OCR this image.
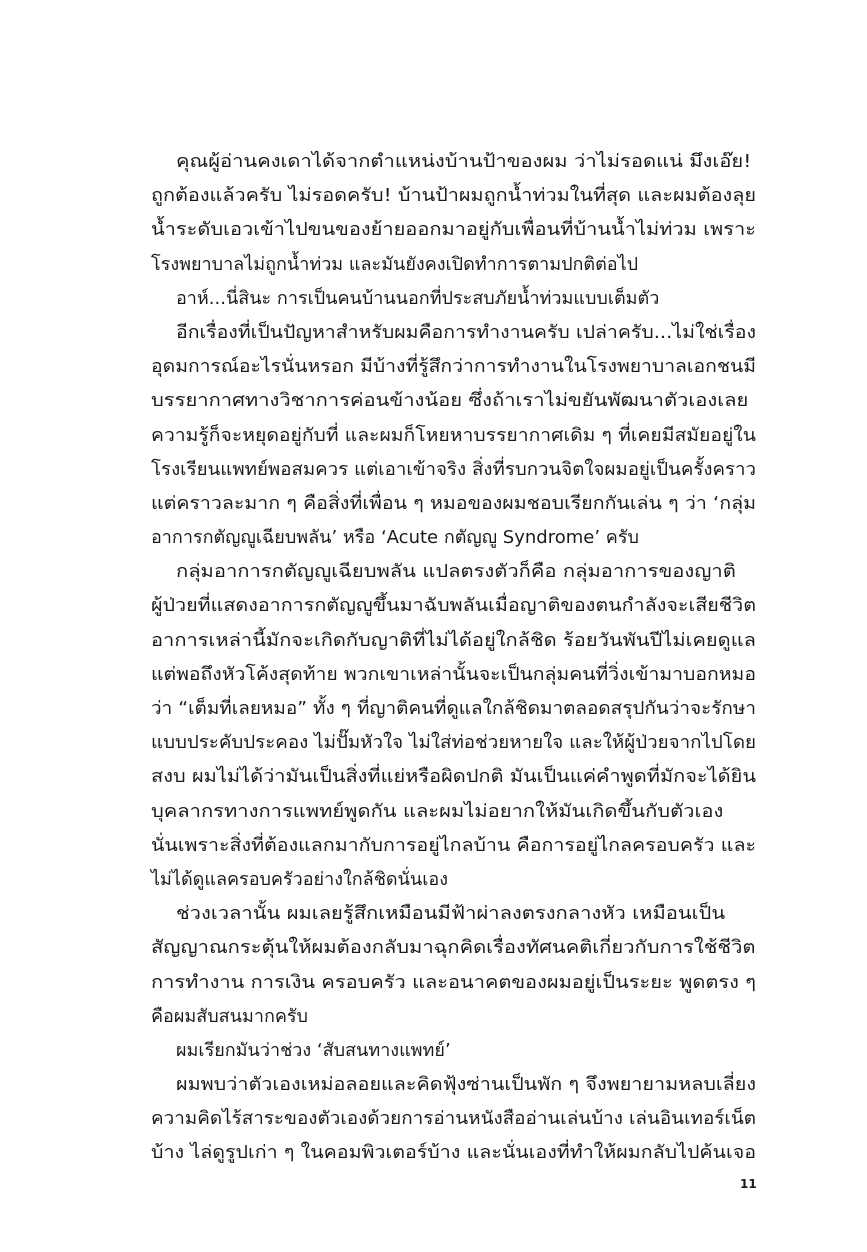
คุณผู้อ่านคงเดาได้จากตำแหน่งบ้านป้าของผม ว่าไม่รอดแน่ มึงเอ๊ย!
ถูกต้องแล้วครับ ไม่รอดครับ! บ้านป้าผมถูกน้ำท่วมในที่สุด และผมต้องลุย
น้ำระดับเอวเข้าไปขนของย้ายออกมาอยู่กับเพื่อนที่บ้านน้ำไม่ท่วม เพราะ
โรงพยาบาลไม่ถูกน้ำท่วม และมันยังคงเปิดทำการตามปกติต่อไป
อาห์...นี่สินะ การเป็นคนบ้านนอกที่ประสบภัยน้ำท่วมแบบเต็มตัว
อีกเรื่องที่เป็นปัญหาสำหรับผมคือการทำงานครับ เปล่าครับ...ไม่ใช่เรื่อง
อุดมการณ์อะไรนั่นหรอก มีบ้างที่รู้สึกว่าการทำงานในโรงพยาบาลเอกชนมี
บรรยากาศทางวิชาการค่อนข้างน้อย ซึ่งถ้าเราไม่ขยันพัฒนาตัวเองเลย
ความรู้ก็จะหยุดอยู่กับที่ และผมก็โหยหาบรรยากาศเดิม ๆ ที่เคยมีสมัยอยู่ใน
โรงเรียนแพทย์พอสมควร แต่เอาเข้าจริง สิ่งที่รบกวนจิตใจผมอยู่เป็นครั้งคราว
แต่คราวละมาก ๆ คือสิ่งที่เพื่อน ๆ หมอของผมชอบเรียกกันเล่น ๆ ว่า ‘กลุ่ม
อาการกตัญญูเฉียบพลัน’ หรือ ‘Acute กตัญญู Syndrome’ ครับ
กลุ่มอาการกตัญญูเฉียบพลัน แปลตรงตัวก็คือ กลุ่มอาการของญาติ
ผู้ป่วยที่แสดงอาการกตัญญูขึ้นมาฉับพลันเมื่อญาติของตนกำลังจะเสียชีวิต
อาการเหล่านี้มักจะเกิดกับญาติที่ไม่ได้อยู่ใกล้ชิด ร้อยวันพันปีไม่เคยดูแล
แต่พอถึงหัวโค้งสุดท้าย พวกเขาเหล่านั้นจะเป็นกลุ่มคนที่วิ่งเข้ามาบอกหมอ
ว่า “เต็มที่เลยหมอ” ทั้ง ๆ ที่ญาติคนที่ดูแลใกล้ชิดมาตลอดสรุปกันว่าจะรักษา
แบบประคับประคอง ไม่ปั๊มหัวใจ ไม่ใส่ท่อช่วยหายใจ และให้ผู้ป่วยจากไปโดย
สงบ ผมไม่ได้ว่ามันเป็นสิ่งที่แย่หรือผิดปกติ มันเป็นแค่คำพูดที่มักจะได้ยิน
บุคลากรทางการแพทย์พูดกัน และผมไม่อยากให้มันเกิดขึ้นกับตัวเอง
นั่นเพราะสิ่งที่ต้องแลกมากับการอยู่ไกลบ้าน คือการอยู่ไกลครอบครัว และ
ไม่ได้ดูแลครอบครัวอย่างใกล้ชิดนั่นเอง
ช่วงเวลานั้น ผมเลยรู้สึกเหมือนมีฟ้าผ่าลงตรงกลางหัว เหมือนเป็น
สัญญาณกระตุ้นให้ผมต้องกลับมาฉุกคิดเรื่องทัศนคติเกี่ยวกับการใช้ชีวิต
การทำงาน การเงิน ครอบครัว และอนาคตของผมอยู่เป็นระยะ พูดตรง ๆ
คือผมสับสนมากครับ
ผมเรียกมันว่าช่วง ‘สับสนทางแพทย์’
ผมพบว่าตัวเองเหม่อลอยและคิดฟุ้งซ่านเป็นพัก ๆ จึงพยายามหลบเลี่ยง
ความคิดไร้สาระของตัวเองด้วยการอ่านหนังสืออ่านเล่นบ้าง เล่นอินเทอร์เน็ต
บ้าง ไล่ดูรูปเก่า ๆ ในคอมพิวเตอร์บ้าง และนั่นเองที่ทำให้ผมกลับไปค้นเจอ
11
